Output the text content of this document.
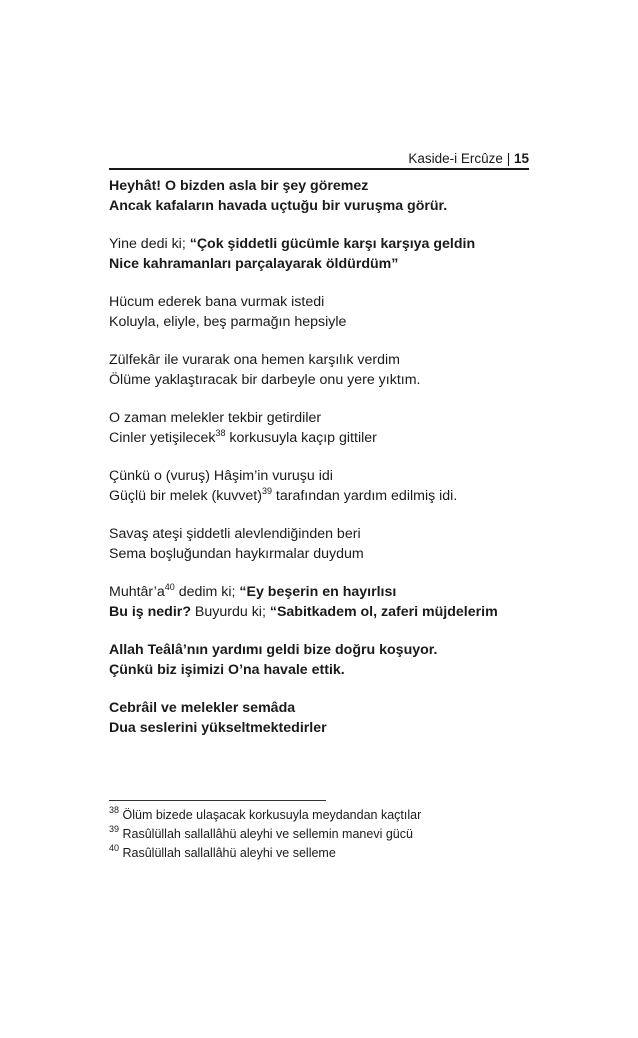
Kaside-i Ercûze | 15
Heyhât! O bizden asla bir şey göremez
Ancak kafaların havada uçtuğu bir vuruşma görür.
Yine dedi ki; “Çok şiddetli gücümle karşı karşıya geldin
Nice kahramanları parçalayarak öldürdüm”
Hücum ederek bana vurmak istedi
Koluyla, eliyle, beş parmağın hepsiyle
Zülfekâr ile vurarak ona hemen karşılık verdim
Ölüme yaklaştıracak bir darbeyle onu yere yıktım.
O zaman melekler tekbir getirdiler
Cinler yetişilecek$^{38}$ korkusuyla kaçıp gittiler
Çünkü o (vuruş) Hâşim’in vuruşu idi
Güçlü bir melek (kuvvet)$^{39}$ tarafından yardım edilmiş idi.
Savaş ateşi şiddetli alevlendiğinden beri
Sema boşluğundan haykırmalar duydum
$Muhtâr’a^{40}$ dedim ki; “Ey beşerin en hayırlısı
Bu iş nedir? Buyurdu ki; “Sabitkadem ol, zaferi müjdelerim
Allah Teâlâ’nın yardımı geldi bize doğru koşuyor.
Çünkü biz işimizi O’na havale ettik.
Cebrâil ve melekler semâda
Dua seslerini yükseltmektedirler
$^{38}$ Ölüm bizede ulaşacak korkusuyla meydandan kaçtılar
$^{39}$ Rasûlüllah sallallâhü aleyhi ve sellemin manevi gücü
$^{40}$ Rasûlüllah sallallâhü aleyhi ve selleme
